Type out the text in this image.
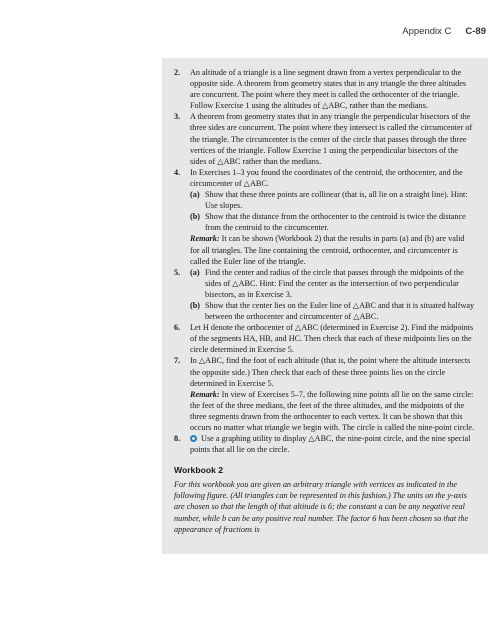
Appendix C C-89
2. An altitude of a triangle is a line segment drawn from a vertex perpendicular to the opposite side. A theorem from geometry states that in any triangle the three altitudes are concurrent. The point where they meet is called the orthocenter of the triangle. Follow Exercise 1 using the altitudes of △ABC, rather than the medians.
3. A theorem from geometry states that in any triangle the perpendicular bisectors of the three sides are concurrent. The point where they intersect is called the circumcenter of the triangle. The circumcenter is the center of the circle that passes through the three vertices of the triangle. Follow Exercise 1 using the perpendicular bisectors of the sides of △ABC rather than the medians.
4. In Exercises 1–3 you found the coordinates of the centroid, the orthocenter, and the circumcenter of △ABC.
(a) Show that these three points are collinear (that is, all lie on a straight line). Hint: Use slopes.
(b) Show that the distance from the orthocenter to the centroid is twice the distance from the centroid to the circumcenter.
Remark: It can be shown (Workbook 2) that the results in parts (a) and (b) are valid for all triangles. The line containing the centroid, orthocenter, and circumcenter is called the Euler line of the triangle.
5. (a) Find the center and radius of the circle that passes through the midpoints of the sides of △ABC. Hint: Find the center as the intersection of two perpendicular bisectors, as in Exercise 3.
(b) Show that the center lies on the Euler line of △ABC and that it is situated halfway between the orthocenter and circumcenter of △ABC.
6. Let H denote the orthocenter of △ABC (determined in Exercise 2). Find the midpoints of the segments HA, HB, and HC. Then check that each of these midpoints lies on the circle determined in Exercise 5.
7. In △ABC, find the foot of each altitude (that is, the point where the altitude intersects the opposite side.) Then check that each of these three points lies on the circle determined in Exercise 5.
Remark: In view of Exercises 5–7, the following nine points all lie on the same circle: the feet of the three medians, the feet of the three altitudes, and the midpoints of the three segments drawn from the orthocenter to each vertex. It can be shown that this occurs no matter what triangle we begin with. The circle is called the nine-point circle.
8.	Use a graphing utility to display △ABC, the nine-point circle, and the nine special points that all lie on the circle.
Workbook 2
For this workbook you are given an arbitrary triangle with vertices as indicated in the following figure. (All triangles can be represented in this fashion.) The units on the y-axis are chosen so that the length of that altitude is 6; the constant a can be any negative real number, while b can be any positive real number. The factor 6 has been chosen so that the appearance of fractions is
